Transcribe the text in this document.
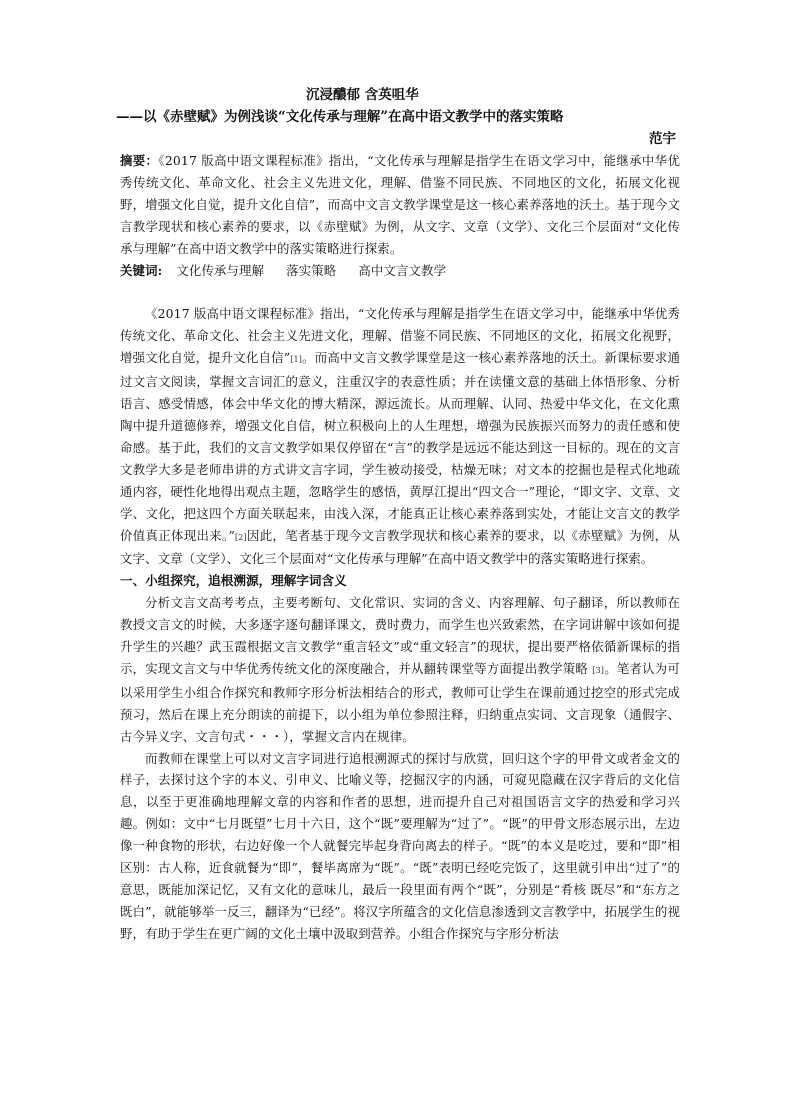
沉浸醲郁 含英咀华
——以《赤壁赋》为例浅谈“文化传承与理解”在高中语文教学中的落实策略
范宇

摘要：《2017 版高中语文课程标准》指出，“文化传承与理解是指学生在语文学习中，能继承中华优秀传统文化、革命文化、社会主义先进文化，理解、借鉴不同民族、不同地区的文化，拓展文化视野，增强文化自觉，提升文化自信”，而高中文言文教学课堂是这一核心素养落地的沃土。基于现今文言教学现状和核心素养的要求，以《赤壁赋》为例，从文字、文章（文学）、文化三个层面对“文化传承与理解”在高中语文教学中的落实策略进行探索。

关键词: 文化传承与理解 落实策略 高中文言文教学

《2017 版高中语文课程标准》指出，“文化传承与理解是指学生在语文学习中，能继承中华优秀传统文化、革命文化、社会主义先进文化，理解、借鉴不同民族、不同地区的文化，拓展文化视野，增强文化自觉，提升文化自信”[1]。而高中文言文教学课堂是这一核心素养落地的沃土。新课标要求通过文言文阅读，掌握文言词汇的意义，注重汉字的表意性质；并在读懂文意的基础上体悟形象、分析语言、感受情感，体会中华文化的博大精深，源远流长。从而理解、认同、热爱中华文化，在文化熏陶中提升道德修养，增强文化自信，树立积极向上的人生理想，增强为民族振兴而努力的责任感和使命感。基于此，我们的文言文教学如果仅停留在“言”的教学是远远不能达到这一目标的。现在的文言文教学大多是老师串讲的方式讲文言字词，学生被动接受，枯燥无味；对文本的挖掘也是程式化地疏通内容，硬性化地得出观点主题，忽略学生的感悟，黄厚江提出“四文合一”理论，“即文字、文章、文学、文化，把这四个方面关联起来，由浅入深，才能真正让核心素养落到实处，才能让文言文的教学价值真正体现出来。”[2]因此，笔者基于现今文言教学现状和核心素养的要求，以《赤壁赋》为例，从文字、文章（文学）、文化三个层面对“文化传承与理解”在高中语文教学中的落实策略进行探索。

一、小组探究，追根溯源，理解字词含义

分析文言文高考考点，主要考断句、文化常识、实词的含义、内容理解、句子翻译，所以教师在教授文言文的时候，大多逐字逐句翻译课文，费时费力，而学生也兴致索然，在字词讲解中该如何提升学生的兴趣？武玉霞根据文言文教学“重言轻文”或“重文轻言”的现状，提出要严格依循新课标的指示，实现文言文与中华优秀传统文化的深度融合，并从翻转课堂等方面提出教学策略 [3]。笔者认为可以采用学生小组合作探究和教师字形分析法相结合的形式，教师可让学生在课前通过挖空的形式完成预习，然后在课上充分朗读的前提下，以小组为单位参照注释，归纳重点实词、文言现象（通假字、古今异义字、文言句式・・・），掌握文言内在规律。

而教师在课堂上可以对文言字词进行追根溯源式的探讨与欣赏，回归这个字的甲骨文或者金文的样子，去探讨这个字的本义、引申义、比喻义等，挖掘汉字的内涵，可窥见隐藏在汉字背后的文化信息，以至于更准确地理解文章的内容和作者的思想，进而提升自己对祖国语言文字的热爱和学习兴趣。例如：文中“七月既望”七月十六日，这个“既”要理解为“过了”。“既”的甲骨文形态展示出，左边像一种食物的形状，右边好像一个人就餐完毕起身背向离去的样子。“既”的本义是吃过，要和“即”相区别：古人称，近食就餐为“即”，餐毕离席为“既”。“既”表明已经吃完饭了，这里就引申出“过了”的意思，既能加深记忆，又有文化的意味儿，最后一段里面有两个“既”，分别是“肴核 既尽”和“东方之既白”，就能够举一反三，翻译为“已经”。将汉字所蕴含的文化信息渗透到文言教学中，拓展学生的视野，有助于学生在更广阔的文化土壤中汲取到营养。小组合作探究与字形分析法
